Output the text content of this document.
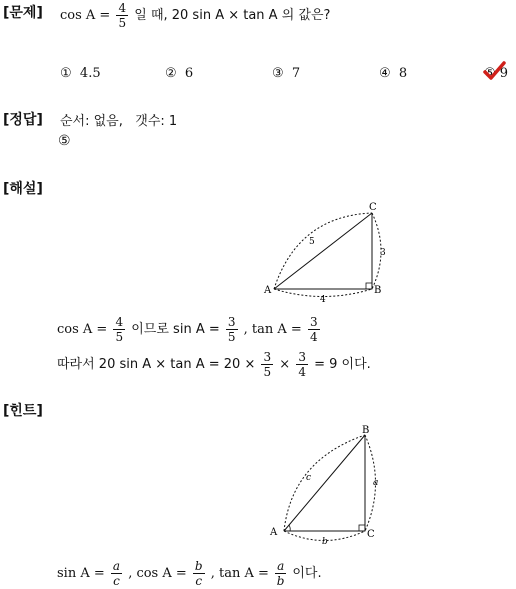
[문제] $\cos A = \frac{4}{5}$ 일 때, 20 sin A × tan A 의 값은?
① 4.5	② 6	③ 7	④ 8	⑤ 9
[정답] 순서: 없음,   갯수: 1
⑤
[해설]
A	B
C
5
3
4
$\cos A = \frac{4}{5}$ 이므로 $\sin A = \frac{3}{5}$ , $\tan A = \frac{3}{4}$
따라서 20 $\sin A \times \tan A = 20 \times \frac{3}{5} \times \frac{3}{4} = 9$ 이다.
[힌트]
A
B
C
c	a
b
$\sin A = \frac{a}{c}$ , $\cos A = \frac{b}{c}$ , $\tan A = \frac{a}{b}$ 이다.
